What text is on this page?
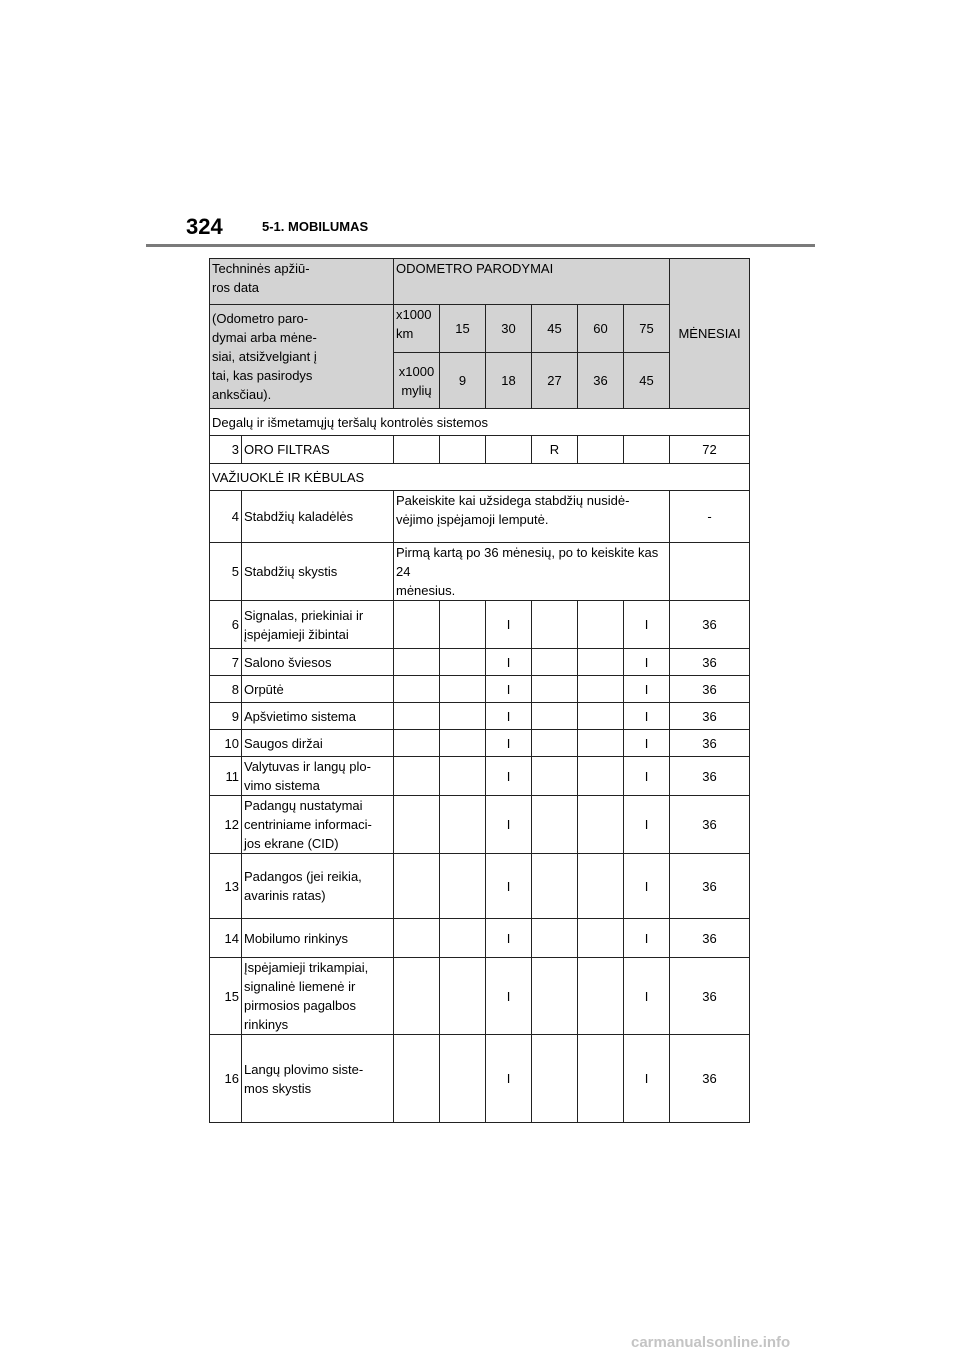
324	5-1. MOBILUMAS
Techninės apžiū-
ros data		ODOMETRO PARODYMAI						MĖNESIAI	
(Odometro paro-
dymai arba mėne-
siai, atsižvelgiant į
tai, kas pasirodys
anksčiau).		x1000
km	15	30	45	60	75	
		x1000
mylių	9	18	27	36	45	
Degalų ir išmetamųjų teršalų kontrolės sistemos									
3	ORO FILTRAS				R			72	
VAŽIUOKLĖ IR KĖBULAS									
4	Stabdžių kaladėlės	Pakeiskite kai užsidega stabdžių nusidė-
vėjimo įspėjamoji lemputė.						-	
5	Stabdžių skystis	Pirmą kartą po 36 mėnesių, po to keiskite kas 24
mėnesius.							
6	Signalas, priekiniai ir
įspėjamieji žibintai			I			I	36	
7	Salono šviesos			I			I	36	
8	Orpūtė			I			I	36	
9	Apšvietimo sistema			I			I	36	
10	Saugos diržai			I			I	36	
11	Valytuvas ir langų plo-
vimo sistema			I			I	36	
12	Padangų nustatymai
centriniame informaci-
jos ekrane (CID)			I			I	36	
13	Padangos (jei reikia,
avarinis ratas)			I			I	36	
14	Mobilumo rinkinys			I			I	36	
15	Įspėjamieji trikampiai,
signalinė liemenė ir
pirmosios pagalbos
rinkinys			I			I	36	
16	Langų plovimo siste-
mos skystis			I			I	36	
carmanualsonline.info
